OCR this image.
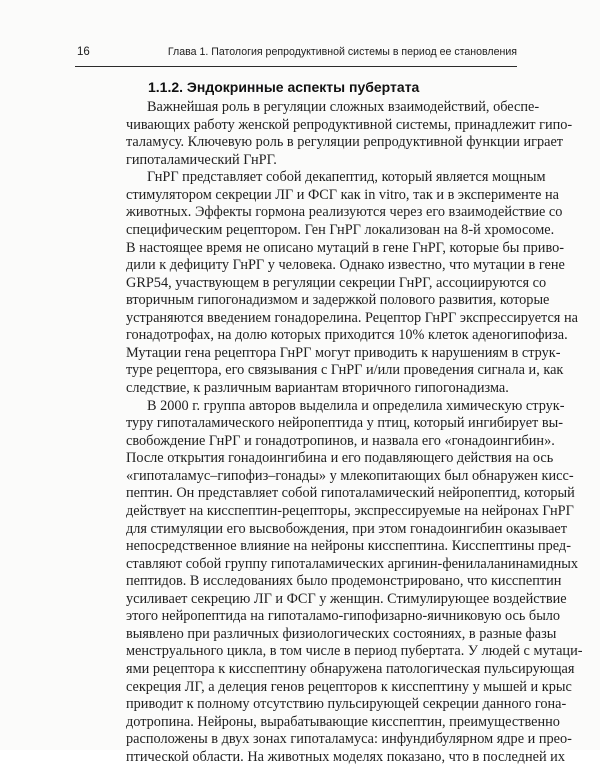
16	Глава 1. Патология репродуктивной системы в период ее становления
1.1.2. Эндокринные аспекты пубертата
Важнейшая роль в регуляции сложных взаимодействий, обеспе-
чивающих работу женской репродуктивной системы, принадлежит гипо-
таламусу. Ключевую роль в регуляции репродуктивной функции играет
гипоталамический ГнРГ.
ГнРГ представляет собой декапептид, который является мощным
стимулятором секреции ЛГ и ФСГ как in vitro, так и в эксперименте на
животных. Эффекты гормона реализуются через его взаимодействие со
специфическим рецептором. Ген ГнРГ локализован на 8-й хромосоме.
В настоящее время не описано мутаций в гене ГнРГ, которые бы приво-
дили к дефициту ГнРГ у человека. Однако известно, что мутации в гене
GRP54, участвующем в регуляции секреции ГнРГ, ассоциируются со
вторичным гипогонадизмом и задержкой полового развития, которые
устраняются введением гонадорелина. Рецептор ГнРГ экспрессируется на
гонадотрофах, на долю которых приходится 10% клеток аденогипофиза.
Мутации гена рецептора ГнРГ могут приводить к нарушениям в струк-
туре рецептора, его связывания с ГнРГ и/или проведения сигнала и, как
следствие, к различным вариантам вторичного гипогонадизма.
В 2000 г. группа авторов выделила и определила химическую струк-
туру гипоталамического нейропептида у птиц, который ингибирует вы-
свобождение ГнРГ и гонадотропинов, и назвала его «гонадоингибин».
После открытия гонадоингибина и его подавляющего действия на ось
«гипоталамус–гипофиз–гонады» у млекопитающих был обнаружен кисс-
пептин. Он представляет собой гипоталамический нейропептид, который
действует на кисспептин-рецепторы, экспрессируемые на нейронах ГнРГ
для стимуляции его высвобождения, при этом гонадоингибин оказывает
непосредственное влияние на нейроны кисспептина. Кисспептины пред-
ставляют собой группу гипоталамических аргинин-фенилаланинамидных
пептидов. В исследованиях было продемонстрировано, что кисспептин
усиливает секрецию ЛГ и ФСГ у женщин. Стимулирующее воздействие
этого нейропептида на гипоталамо-гипофизарно-яичниковую ось было
выявлено при различных физиологических состояниях, в разные фазы
менструального цикла, в том числе в период пубертата. У людей с мутаци-
ями рецептора к кисспептину обнаружена патологическая пульсирующая
секреция ЛГ, а делеция генов рецепторов к кисспептину у мышей и крыс
приводит к полному отсутствию пульсирующей секреции данного гона-
дотропина. Нейроны, вырабатывающие кисспептин, преимущественно
расположены в двух зонах гипоталамуса: инфундибулярном ядре и прео-
птической области. На животных моделях показано, что в последней их
